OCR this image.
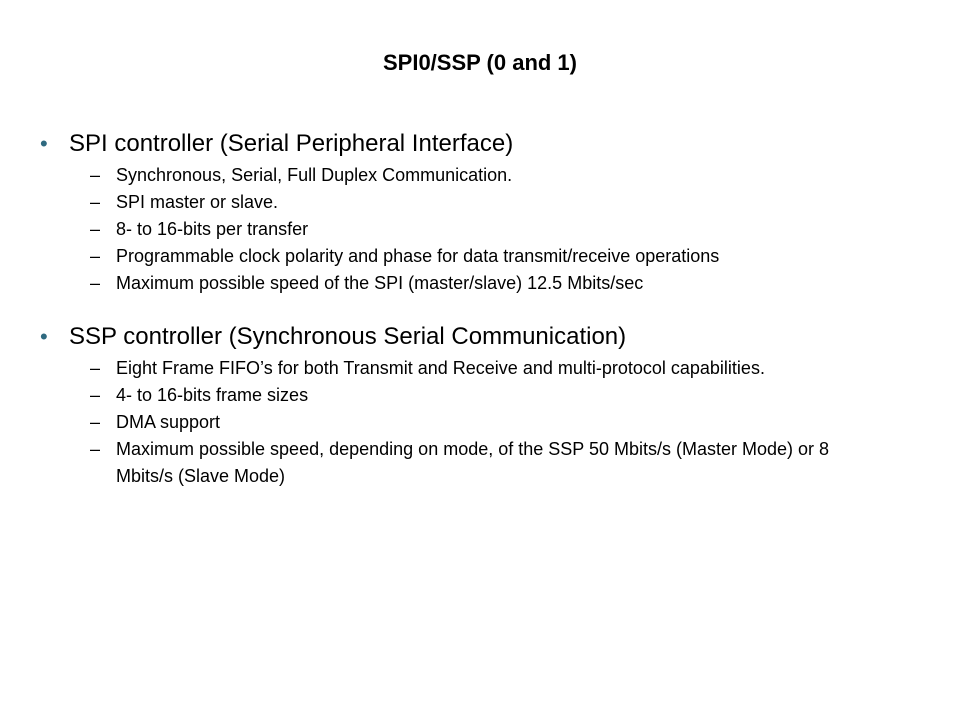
SPI0/SSP (0 and 1)
• SPI controller (Serial Peripheral Interface)
– Synchronous, Serial, Full Duplex Communication.
– SPI master or slave.
– 8- to 16-bits per transfer
– Programmable clock polarity and phase for data transmit/receive operations
– Maximum possible speed of the SPI (master/slave) 12.5 Mbits/sec
• SSP controller (Synchronous Serial Communication)
– Eight Frame FIFO’s for both Transmit and Receive and multi-protocol capabilities.
– 4- to 16-bits frame sizes
– DMA support
– Maximum possible speed, depending on mode, of the SSP 50 Mbits/s (Master Mode) or 8 Mbits/s (Slave Mode)
